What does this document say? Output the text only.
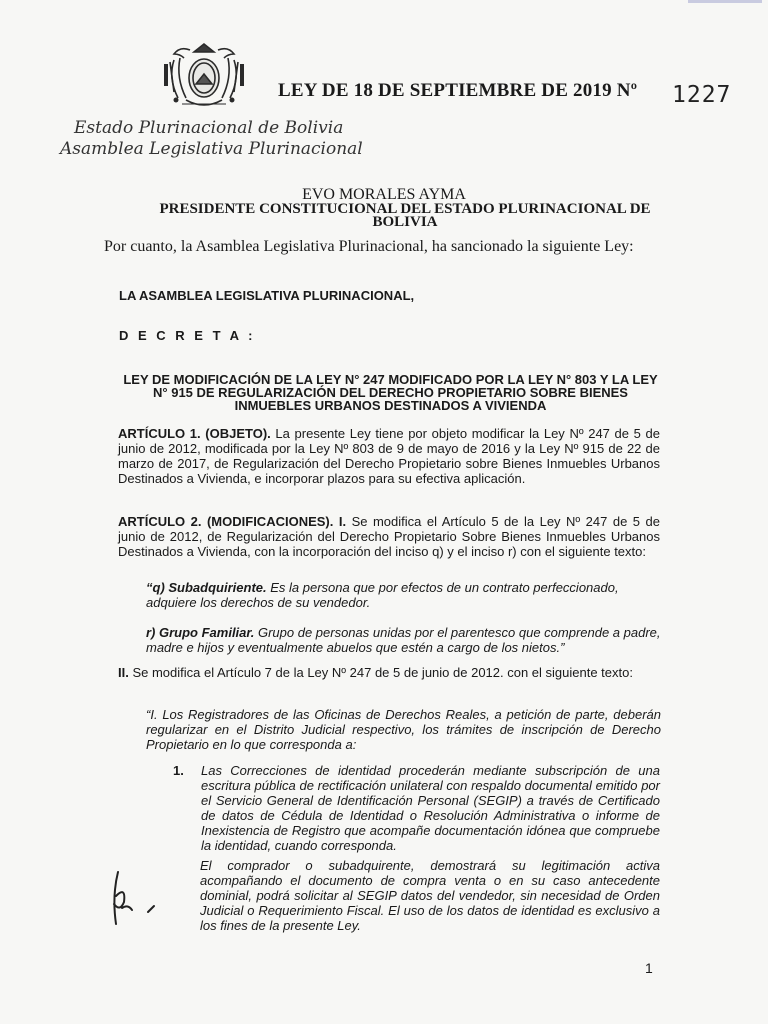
LEY DE 18 DE SEPTIEMBRE DE 2019 Nº 1227
Estado Plurinacional de Bolivia
Asamblea Legislativa Plurinacional
EVO MORALES AYMA
PRESIDENTE CONSTITUCIONAL DEL ESTADO PLURINACIONAL DE BOLIVIA
Por cuanto, la Asamblea Legislativa Plurinacional, ha sancionado la siguiente Ley:
LA ASAMBLEA LEGISLATIVA PLURINACIONAL,
D E C R E T A :
LEY DE MODIFICACIÓN DE LA LEY N° 247 MODIFICADO POR LA LEY N° 803 Y LA LEY N° 915 DE REGULARIZACIÓN DEL DERECHO PROPIETARIO SOBRE BIENES INMUEBLES URBANOS DESTINADOS A VIVIENDA
ARTÍCULO 1. (OBJETO). La presente Ley tiene por objeto modificar la Ley Nº 247 de 5 de junio de 2012, modificada por la Ley Nº 803 de 9 de mayo de 2016 y la Ley Nº 915 de 22 de marzo de 2017, de Regularización del Derecho Propietario sobre Bienes Inmuebles Urbanos Destinados a Vivienda, e incorporar plazos para su efectiva aplicación.
ARTÍCULO 2. (MODIFICACIONES). I. Se modifica el Artículo 5 de la Ley Nº 247 de 5 de junio de 2012, de Regularización del Derecho Propietario Sobre Bienes Inmuebles Urbanos Destinados a Vivienda, con la incorporación del inciso q) y el inciso r) con el siguiente texto:
“q) Subadquiriente. Es la persona que por efectos de un contrato perfeccionado, adquiere los derechos de su vendedor.
r) Grupo Familiar. Grupo de personas unidas por el parentesco que comprende a padre, madre e hijos y eventualmente abuelos que estén a cargo de los nietos.”
II. Se modifica el Artículo 7 de la Ley Nº 247 de 5 de junio de 2012. con el siguiente texto:
“I. Los Registradores de las Oficinas de Derechos Reales, a petición de parte, deberán regularizar en el Distrito Judicial respectivo, los trámites de inscripción de Derecho Propietario en lo que corresponda a:
1. Las Correcciones de identidad procederán mediante subscripción de una escritura pública de rectificación unilateral con respaldo documental emitido por el Servicio General de Identificación Personal (SEGIP) a través de Certificado de datos de Cédula de Identidad o Resolución Administrativa o informe de Inexistencia de Registro que acompañe documentación idónea que compruebe la identidad, cuando corresponda.
El comprador o subadquirente, demostrará su legitimación activa acompañando el documento de compra venta o en su caso antecedente dominial, podrá solicitar al SEGIP datos del vendedor, sin necesidad de Orden Judicial o Requerimiento Fiscal. El uso de los datos de identidad es exclusivo a los fines de la presente Ley.
1
